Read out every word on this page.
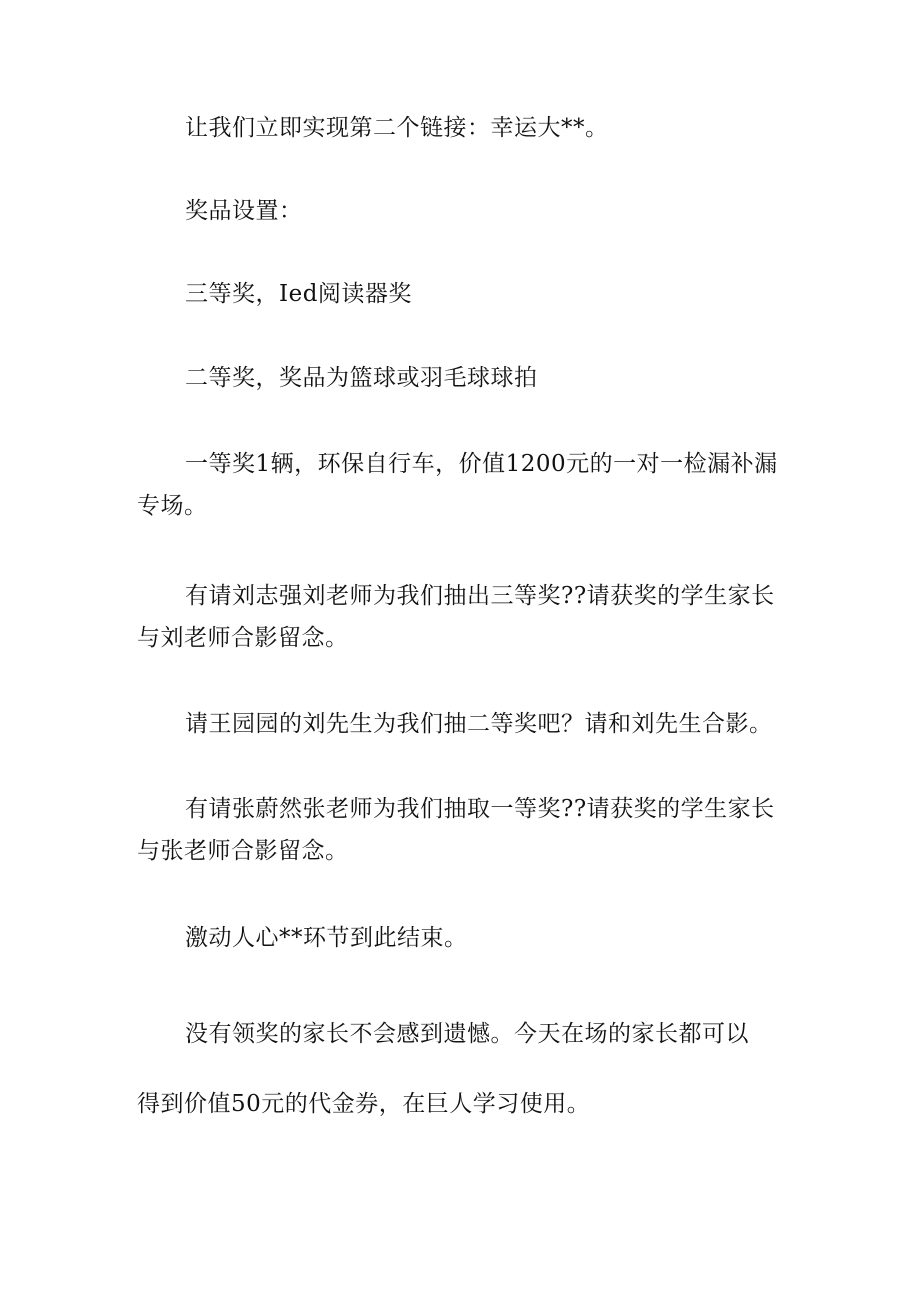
让我们立即实现第二个链接：幸运大**。

奖品设置：

三等奖，Ied阅读器奖

二等奖，奖品为篮球或羽毛球球拍

一等奖1辆，环保自行车，价值1200元的一对一检漏补漏专场。

有请刘志强刘老师为我们抽出三等奖??请获奖的学生家长与刘老师合影留念。

请王园园的刘先生为我们抽二等奖吧？请和刘先生合影。

有请张蔚然张老师为我们抽取一等奖??请获奖的学生家长与张老师合影留念。

激动人心**环节到此结束。

没有领奖的家长不会感到遗憾。今天在场的家长都可以

得到价值50元的代金券，在巨人学习使用。
